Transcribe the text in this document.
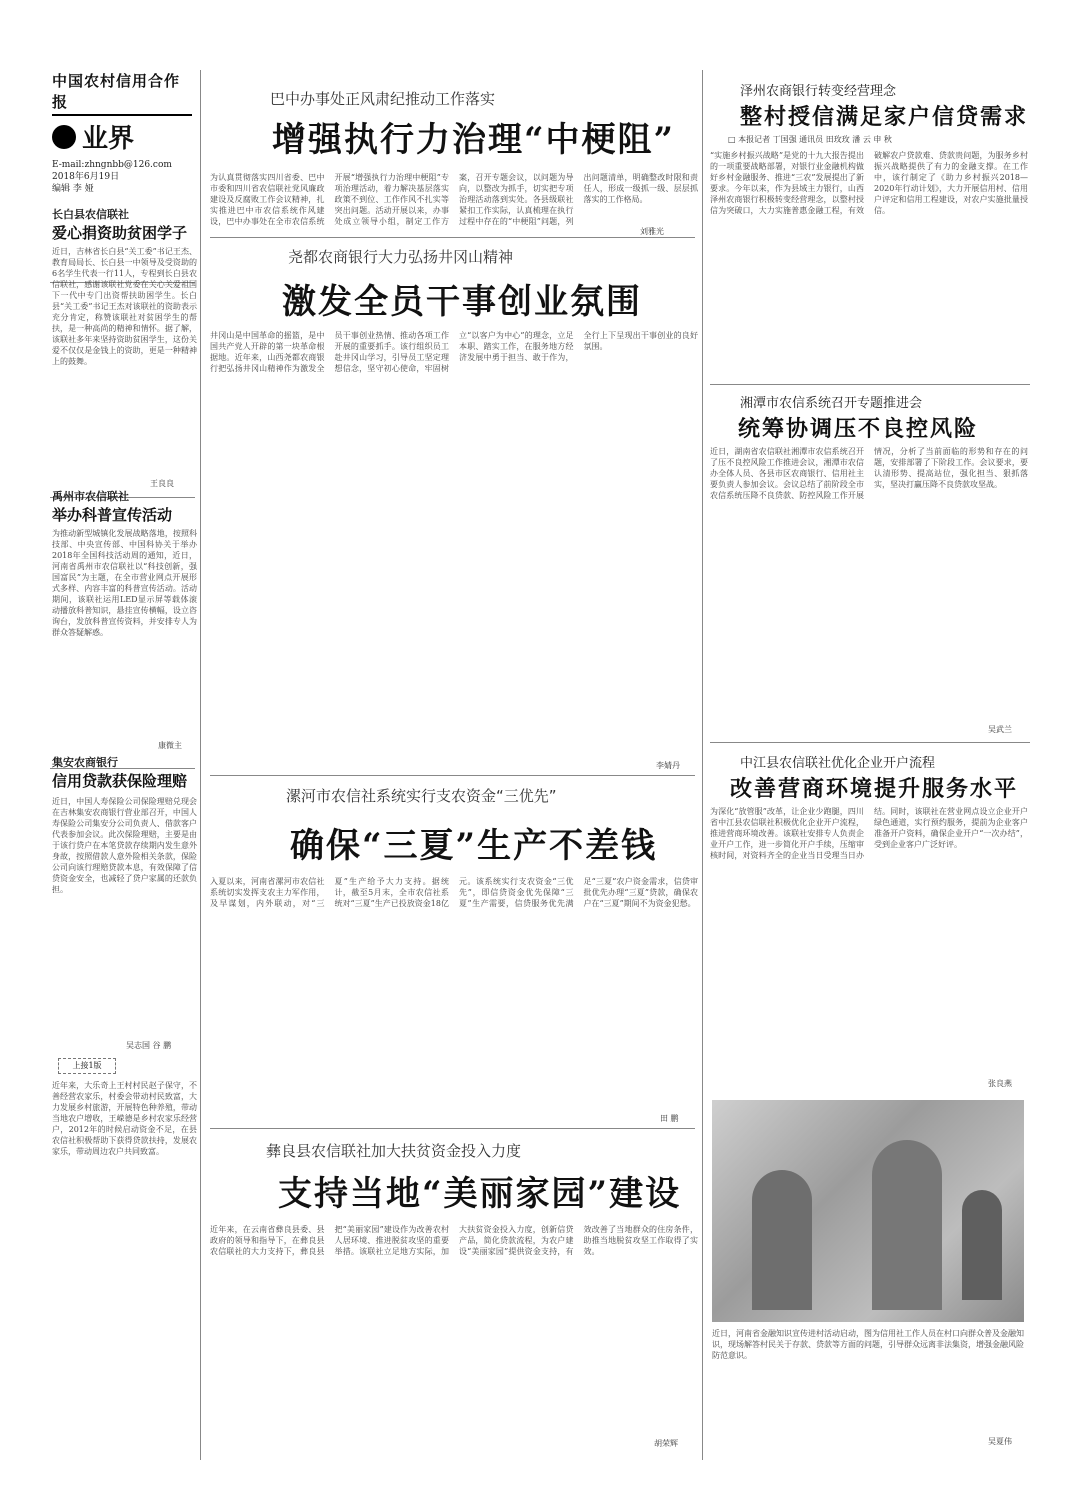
中国农村信用合作报
业界
E-mail:zhngnbb@126.com
2018年6月19日
编辑 李 娅
长白县农信联社
爱心捐资助贫困学子
近日，吉林省长白县“关工委”书记王杰、教育局局长、长白县一中领导及受资助的6名学生代表一行11人，专程到长白县农信联社，感谢该联社党委在关心关爱祖国下一代中专门出资帮扶助困学生。长白县“关工委”书记王杰对该联社的资助表示充分肯定，称赞该联社对贫困学生的帮扶，是一种高尚的精神和情怀。据了解，该联社多年来坚持资助贫困学生，这份关爱不仅仅是金钱上的资助，更是一种精神上的鼓舞。
王良良
禹州市农信联社
举办科普宣传活动
为推动新型城镇化发展战略落地，按照科技部、中央宣传部、中国科协关于举办2018年全国科技活动周的通知，近日，河南省禹州市农信联社以“科技创新，强国富民”为主题，在全市营业网点开展形式多样、内容丰富的科普宣传活动。活动期间，该联社运用LED显示屏等载体滚动播放科普知识，悬挂宣传横幅，设立咨询台，发放科普宣传资料，并安排专人为群众答疑解惑。
康微主
集安农商银行
信用贷款获保险理赔
近日，中国人寿保险公司保险理赔兑现会在吉林集安农商银行营业部召开，中国人寿保险公司集安分公司负责人、借款客户代表参加会议。此次保险理赔，主要是由于该行贷户在本笔贷款存续期内发生意外身故，按照借款人意外险相关条款，保险公司向该行理赔贷款本息，有效保障了信贷资金安全，也减轻了贷户家属的还款负担。
吴志国 谷 鹏
上接1版
近年来，大乐奇上王村村民赵子保守，不善经营农家乐，村委会带动村民致富，大力发展乡村旅游，开展特色种养殖，带动当地农户增收，王嵘德是乡村农家乐经营户，2012年的时候启动资金不足，在县农信社积极帮助下获得贷款扶持，发展农家乐，带动周边农户共同致富。
巴中办事处正风肃纪推动工作落实
增强执行力治理“中梗阻”
为认真贯彻落实四川省委、巴中市委和四川省农信联社党风廉政建设及反腐败工作会议精神，扎实推进巴中市农信系统作风建设，巴中办事处在全市农信系统开展“增强执行力治理中梗阻”专项治理活动，着力解决基层落实政策不到位、工作作风不扎实等突出问题。活动开展以来，办事处成立领导小组，制定工作方案，召开专题会议，以问题为导向，以整改为抓手，切实把专项治理活动落到实处。各县级联社紧扣工作实际，认真梳理在执行过程中存在的“中梗阻”问题，列出问题清单，明确整改时限和责任人，形成一级抓一级、层层抓落实的工作格局。
刘雅光
尧都农商银行大力弘扬井冈山精神
激发全员干事创业氛围
井冈山是中国革命的摇篮，是中国共产党人开辟的第一块革命根据地。近年来，山西尧都农商银行把弘扬井冈山精神作为激发全员干事创业热情、推动各项工作开展的重要抓手。该行组织员工赴井冈山学习，引导员工坚定理想信念，坚守初心使命，牢固树立“以客户为中心”的理念，立足本职、踏实工作，在服务地方经济发展中勇于担当、敢于作为，全行上下呈现出干事创业的良好氛围。
李婧丹
漯河市农信社系统实行支农资金“三优先”
确保“三夏”生产不差钱
入夏以来，河南省漯河市农信社系统切实发挥支农主力军作用，及早谋划，内外联动，对“三夏”生产给予大力支持。据统计，截至5月末，全市农信社系统对“三夏”生产已投放资金18亿元。该系统实行支农资金“三优先”，即信贷资金优先保障“三夏”生产需要，信贷服务优先满足“三夏”农户资金需求，信贷审批优先办理“三夏”贷款，确保农户在“三夏”期间不为资金犯愁。
田 鹏
彝良县农信联社加大扶贫资金投入力度
支持当地“美丽家园”建设
近年来，在云南省彝良县委、县政府的领导和指导下，在彝良县农信联社的大力支持下，彝良县把“美丽家园”建设作为改善农村人居环境、推进脱贫攻坚的重要举措。该联社立足地方实际，加大扶贫资金投入力度，创新信贷产品，简化贷款流程，为农户建设“美丽家园”提供资金支持，有效改善了当地群众的住房条件，助推当地脱贫攻坚工作取得了实效。
胡荣辉
泽州农商银行转变经营理念
整村授信满足家户信贷需求
□ 本报记者 丁国强 通讯员 田玫玫 潘 云 申 秋
“实施乡村振兴战略”是党的十九大报告提出的一项重要战略部署，对银行业金融机构做好乡村金融服务、推进“三农”发展提出了新要求。今年以来，作为县域主力银行，山西泽州农商银行积极转变经营理念，以整村授信为突破口，大力实施普惠金融工程，有效破解农户贷款难、贷款贵问题，为服务乡村振兴战略提供了有力的金融支撑。在工作中，该行制定了《助力乡村振兴2018—2020年行动计划》，大力开展信用村、信用户评定和信用工程建设，对农户实施批量授信。
湘潭市农信系统召开专题推进会
统筹协调压不良控风险
近日，湖南省农信联社湘潭市农信系统召开了压不良控风险工作推进会议，湘潭市农信办全体人员、各县市区农商银行、信用社主要负责人参加会议。会议总结了前阶段全市农信系统压降不良贷款、防控风险工作开展情况，分析了当前面临的形势和存在的问题，安排部署了下阶段工作。会议要求，要认清形势、提高站位，强化担当、狠抓落实，坚决打赢压降不良贷款攻坚战。
吴武兰
中江县农信联社优化企业开户流程
改善营商环境提升服务水平
为深化“放管服”改革，让企业少跑腿，四川省中江县农信联社积极优化企业开户流程，推进营商环境改善。该联社安排专人负责企业开户工作，进一步简化开户手续，压缩审核时间，对资料齐全的企业当日受理当日办结。同时，该联社在营业网点设立企业开户绿色通道，实行预约服务，提前为企业客户准备开户资料，确保企业开户“一次办结”，受到企业客户广泛好评。
张良燕
近日，河南省金融知识宣传进村活动启动，图为信用社工作人员在村口向群众普及金融知识，现场解答村民关于存款、贷款等方面的问题，引导群众远离非法集资，增强金融风险防范意识。
吴夏伟
